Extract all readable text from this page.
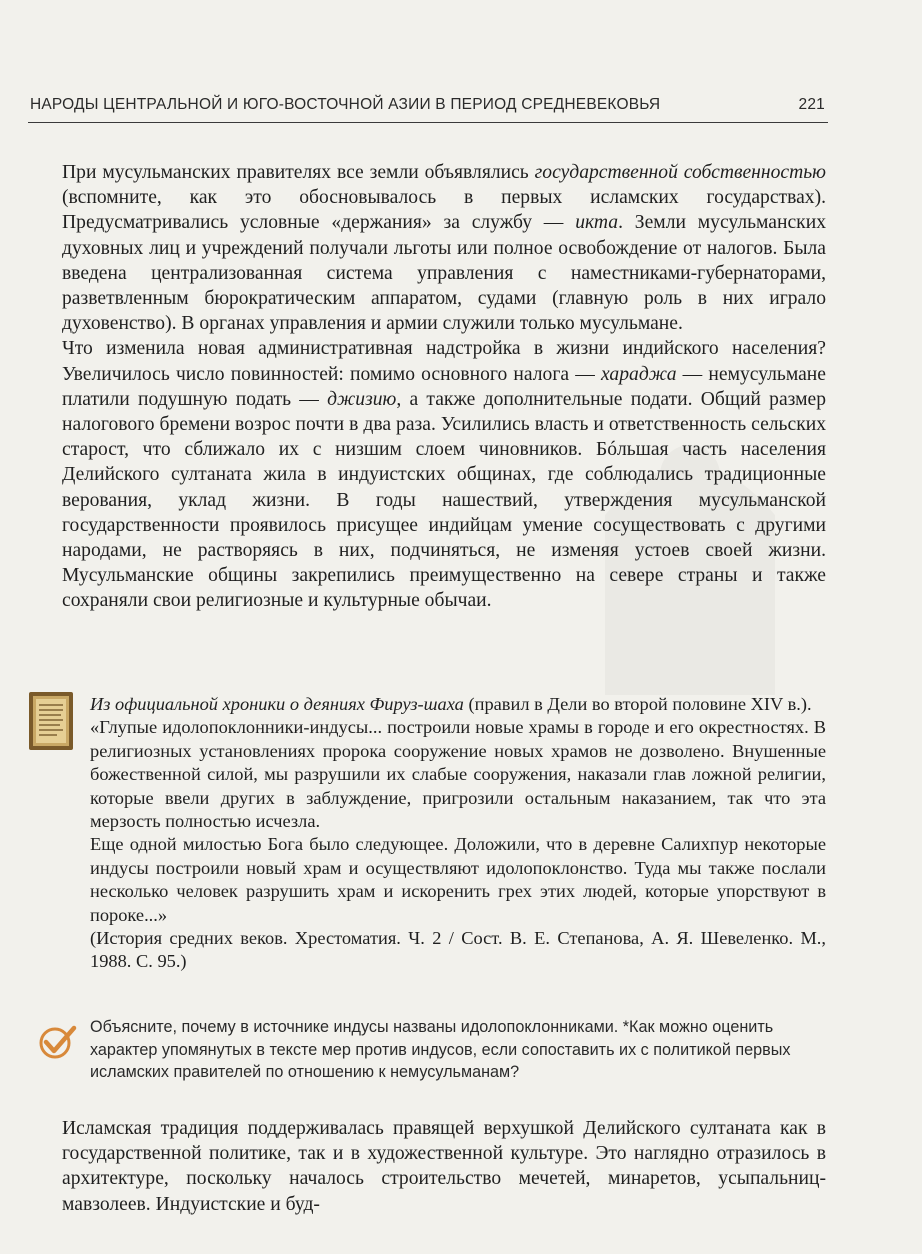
НАРОДЫ ЦЕНТРАЛЬНОЙ И ЮГО-ВОСТОЧНОЙ АЗИИ В ПЕРИОД СРЕДНЕВЕКОВЬЯ	221

При мусульманских правителях все земли объявлялись государственной собственностью (вспомните, как это обосновывалось в первых исламских государствах). Предусматривались условные «держания» за службу — икта. Земли мусульманских духовных лиц и учреждений получали льготы или полное освобождение от налогов. Была введена централизованная система управления с наместниками-губернаторами, разветвленным бюрократическим аппаратом, судами (главную роль в них играло духовенство). В органах управления и армии служили только мусульмане.

Что изменила новая административная надстройка в жизни индийского населения? Увеличилось число повинностей: помимо основного налога — хараджа — немусульмане платили подушную подать — джизию, а также дополнительные подати. Общий размер налогового бремени возрос почти в два раза. Усилились власть и ответственность сельских старост, что сближало их с низшим слоем чиновников. Бóльшая часть населения Делийского султаната жила в индуистских общинах, где соблюдались традиционные верования, уклад жизни. В годы нашествий, утверждения мусульманской государственности проявилось присущее индийцам умение сосуществовать с другими народами, не растворяясь в них, подчиняться, не изменяя устоев своей жизни. Мусульманские общины закрепились преимущественно на севере страны и также сохраняли свои религиозные и культурные обычаи.

Из официальной хроники о деяниях Фируз-шаха (правил в Дели во второй половине XIV в.).

«Глупые идолопоклонники-индусы... построили новые храмы в городе и его окрестностях. В религиозных установлениях пророка сооружение новых храмов не дозволено. Внушенные божественной силой, мы разрушили их слабые сооружения, наказали глав ложной религии, которые ввели других в заблуждение, пригрозили остальным наказанием, так что эта мерзость полностью исчезла.

Еще одной милостью Бога было следующее. Доложили, что в деревне Салихпур некоторые индусы построили новый храм и осуществляют идолопоклонство. Туда мы также послали несколько человек разрушить храм и искоренить грех этих людей, которые упорствуют в пороке...»

(История средних веков. Хрестоматия. Ч. 2 / Сост. В. Е. Степанова, А. Я. Шевеленко. М., 1988. С. 95.)

Объясните, почему в источнике индусы названы идолопоклонниками. *Как можно оценить характер упомянутых в тексте мер против индусов, если сопоставить их с политикой первых исламских правителей по отношению к немусульманам?

Исламская традиция поддерживалась правящей верхушкой Делийского султаната как в государственной политике, так и в художественной культуре. Это наглядно отразилось в архитектуре, поскольку началось строительство мечетей, минаретов, усыпальниц-мавзолеев. Индуистские и буд-
